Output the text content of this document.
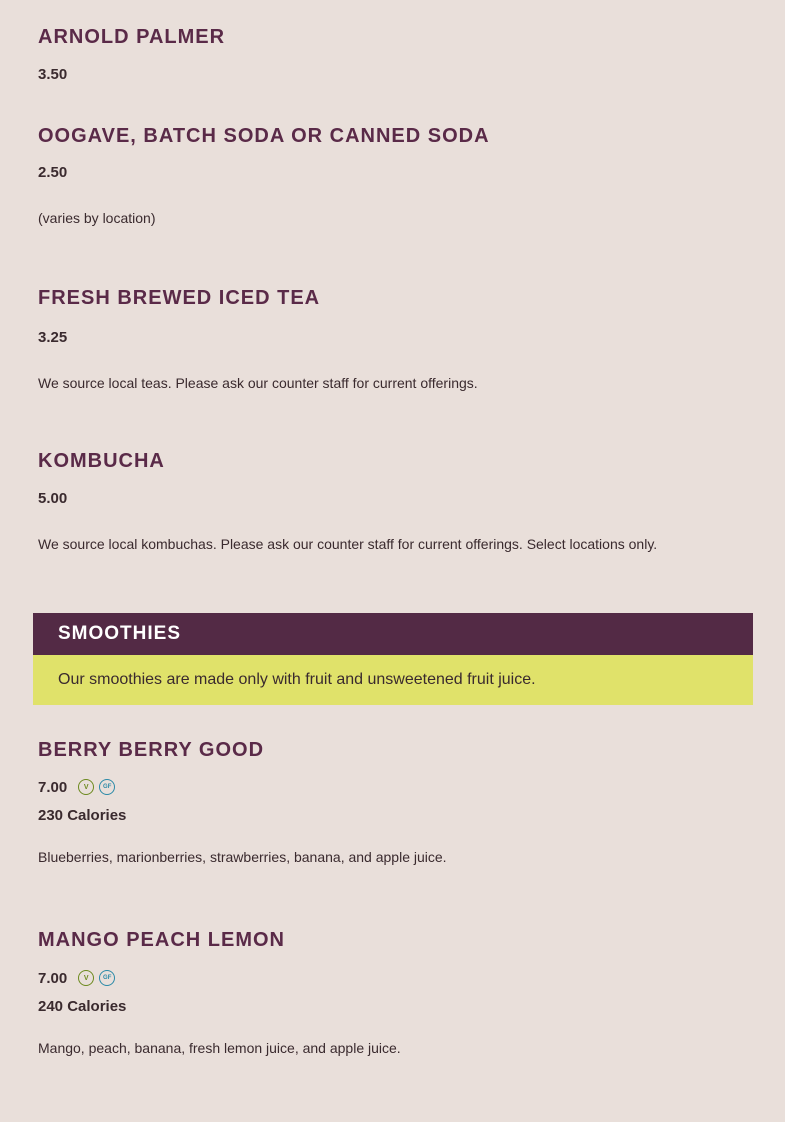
ARNOLD PALMER
3.50
OOGAVE, BATCH SODA OR CANNED SODA
2.50
(varies by location)
FRESH BREWED ICED TEA
3.25
We source local teas. Please ask our counter staff for current offerings.
KOMBUCHA
5.00
We source local kombuchas. Please ask our counter staff for current offerings. Select locations only.
SMOOTHIES
Our smoothies are made only with fruit and unsweetened fruit juice.
BERRY BERRY GOOD
7.00	V	GF
230 Calories
Blueberries, marionberries, strawberries, banana, and apple juice.
MANGO PEACH LEMON
7.00	V	GF
240 Calories
Mango, peach, banana, fresh lemon juice, and apple juice.
